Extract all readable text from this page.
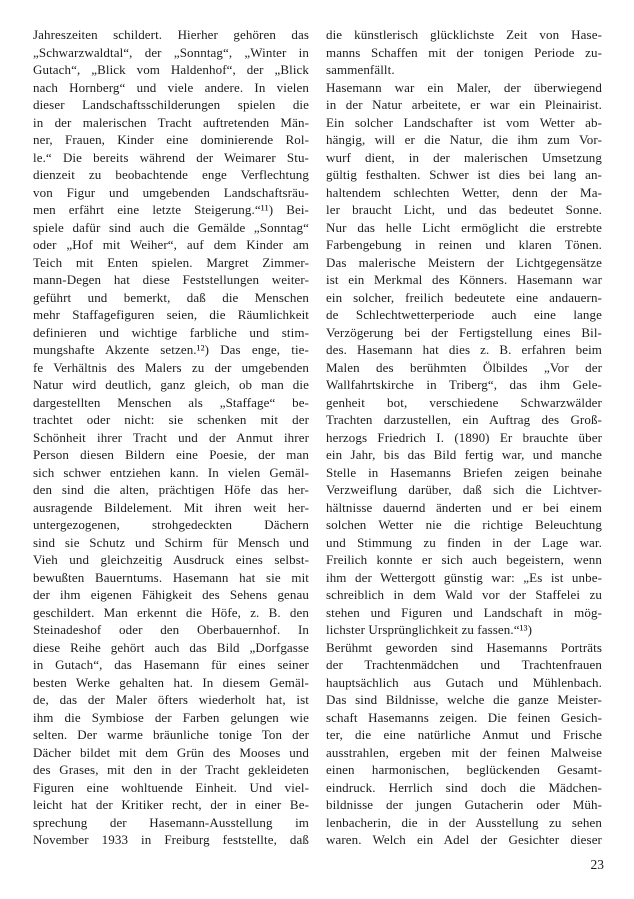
Jahreszeiten schildert. Hierher gehören das
„Schwarzwaldtal“, der „Sonntag“, „Winter in
Gutach“, „Blick vom Haldenhof“, der „Blick
nach Hornberg“ und viele andere. In vielen
dieser Landschaftsschilderungen spielen die
in der malerischen Tracht auftretenden Män-
ner, Frauen, Kinder eine dominierende Rol-
le.“ Die bereits während der Weimarer Stu-
dienzeit zu beobachtende enge Verflechtung
von Figur und umgebenden Landschaftsräu-
men erfährt eine letzte Steigerung.“¹¹) Bei-
spiele dafür sind auch die Gemälde „Sonntag“
oder „Hof mit Weiher“, auf dem Kinder am
Teich mit Enten spielen. Margret Zimmer-
mann-Degen hat diese Feststellungen weiter-
geführt und bemerkt, daß die Menschen
mehr Staffagefiguren seien, die Räumlichkeit
definieren und wichtige farbliche und stim-
mungshafte Akzente setzen.¹²) Das enge, tie-
fe Verhältnis des Malers zu der umgebenden
Natur wird deutlich, ganz gleich, ob man die
dargestellten Menschen als „Staffage“ be-
trachtet oder nicht: sie schenken mit der
Schönheit ihrer Tracht und der Anmut ihrer
Person diesen Bildern eine Poesie, der man
sich schwer entziehen kann. In vielen Gemäl-
den sind die alten, prächtigen Höfe das her-
ausragende Bildelement. Mit ihren weit her-
untergezogenen, strohgedeckten Dächern
sind sie Schutz und Schirm für Mensch und
Vieh und gleichzeitig Ausdruck eines selbst-
bewußten Bauerntums. Hasemann hat sie mit
der ihm eigenen Fähigkeit des Sehens genau
geschildert. Man erkennt die Höfe, z. B. den
Steinadeshof oder den Oberbauernhof. In
diese Reihe gehört auch das Bild „Dorfgasse
in Gutach“, das Hasemann für eines seiner
besten Werke gehalten hat. In diesem Gemäl-
de, das der Maler öfters wiederholt hat, ist
ihm die Symbiose der Farben gelungen wie
selten. Der warme bräunliche tonige Ton der
Dächer bildet mit dem Grün des Mooses und
des Grases, mit den in der Tracht gekleideten
Figuren eine wohltuende Einheit. Und viel-
leicht hat der Kritiker recht, der in einer Be-
sprechung der Hasemann-Ausstellung im
November 1933 in Freiburg feststellte, daß
die künstlerisch glücklichste Zeit von Hase-
manns Schaffen mit der tonigen Periode zu-
sammenfällt.
Hasemann war ein Maler, der überwiegend
in der Natur arbeitete, er war ein Pleinairist.
Ein solcher Landschafter ist vom Wetter ab-
hängig, will er die Natur, die ihm zum Vor-
wurf dient, in der malerischen Umsetzung
gültig festhalten. Schwer ist dies bei lang an-
haltendem schlechten Wetter, denn der Ma-
ler braucht Licht, und das bedeutet Sonne.
Nur das helle Licht ermöglicht die erstrebte
Farbengebung in reinen und klaren Tönen.
Das malerische Meistern der Lichtgegensätze
ist ein Merkmal des Könners. Hasemann war
ein solcher, freilich bedeutete eine andauern-
de Schlechtwetterperiode auch eine lange
Verzögerung bei der Fertigstellung eines Bil-
des. Hasemann hat dies z. B. erfahren beim
Malen des berühmten Ölbildes „Vor der
Wallfahrtskirche in Triberg“, das ihm Gele-
genheit bot, verschiedene Schwarzwälder
Trachten darzustellen, ein Auftrag des Groß-
herzogs Friedrich I. (1890) Er brauchte über
ein Jahr, bis das Bild fertig war, und manche
Stelle in Hasemanns Briefen zeigen beinahe
Verzweiflung darüber, daß sich die Lichtver-
hältnisse dauernd änderten und er bei einem
solchen Wetter nie die richtige Beleuchtung
und Stimmung zu finden in der Lage war.
Freilich konnte er sich auch begeistern, wenn
ihm der Wettergott günstig war: „Es ist unbe-
schreiblich in dem Wald vor der Staffelei zu
stehen und Figuren und Landschaft in mög-
lichster Ursprünglichkeit zu fassen.“¹³)
Berühmt geworden sind Hasemanns Porträts
der Trachtenmädchen und Trachtenfrauen
hauptsächlich aus Gutach und Mühlenbach.
Das sind Bildnisse, welche die ganze Meister-
schaft Hasemanns zeigen. Die feinen Gesich-
ter, die eine natürliche Anmut und Frische
ausstrahlen, ergeben mit der feinen Malweise
einen harmonischen, beglückenden Gesamt-
eindruck. Herrlich sind doch die Mädchen-
bildnisse der jungen Gutacherin oder Müh-
lenbacherin, die in der Ausstellung zu sehen
waren. Welch ein Adel der Gesichter dieser
23
